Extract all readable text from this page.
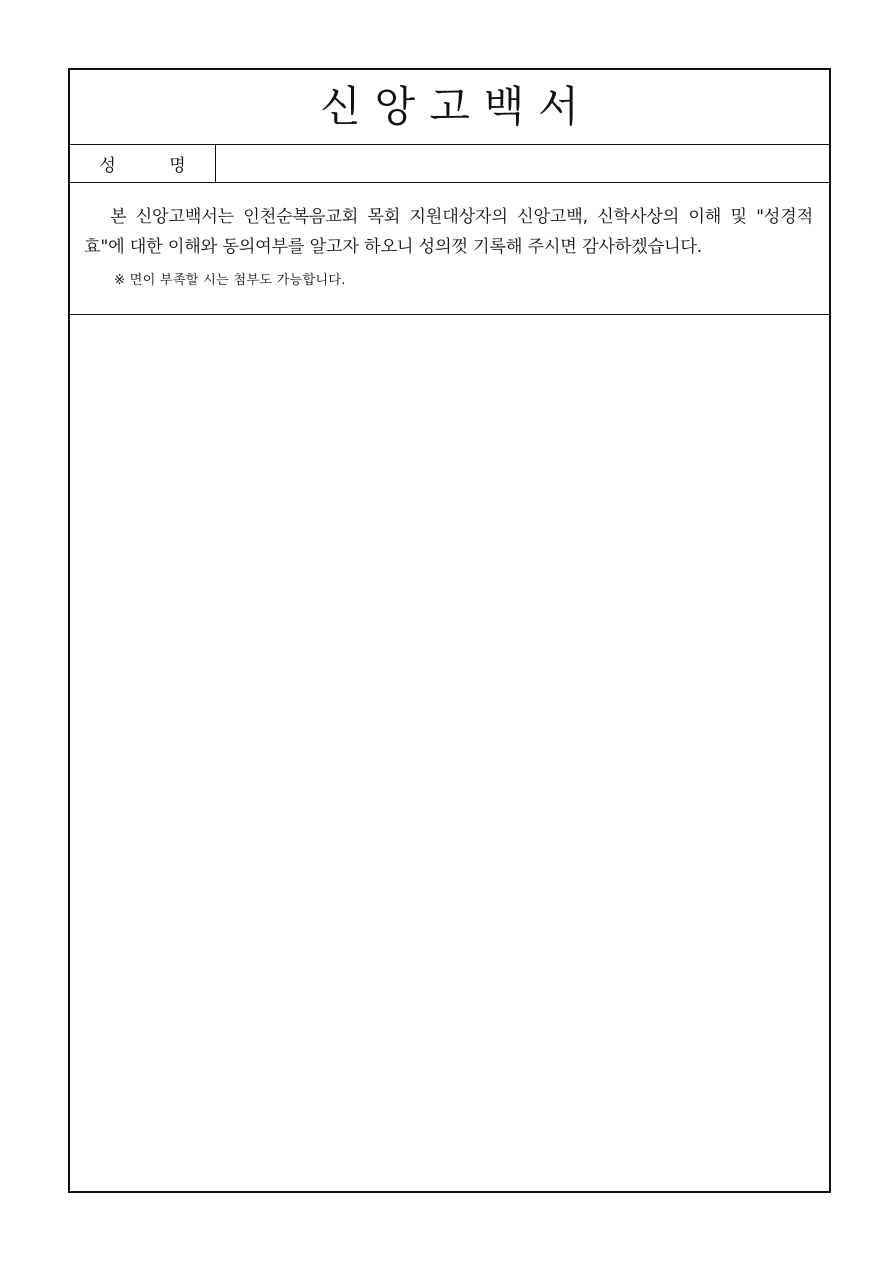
신앙고백서
성 명

본 신앙고백서는 인천순복음교회 목회 지원대상자의 신앙고백, 신학사상의 이해 및 "성경적 효"에 대한 이해와 동의여부를 알고자 하오니 성의껏 기록해 주시면 감사하겠습니다.

※ 면이 부족할 시는 첨부도 가능합니다.
